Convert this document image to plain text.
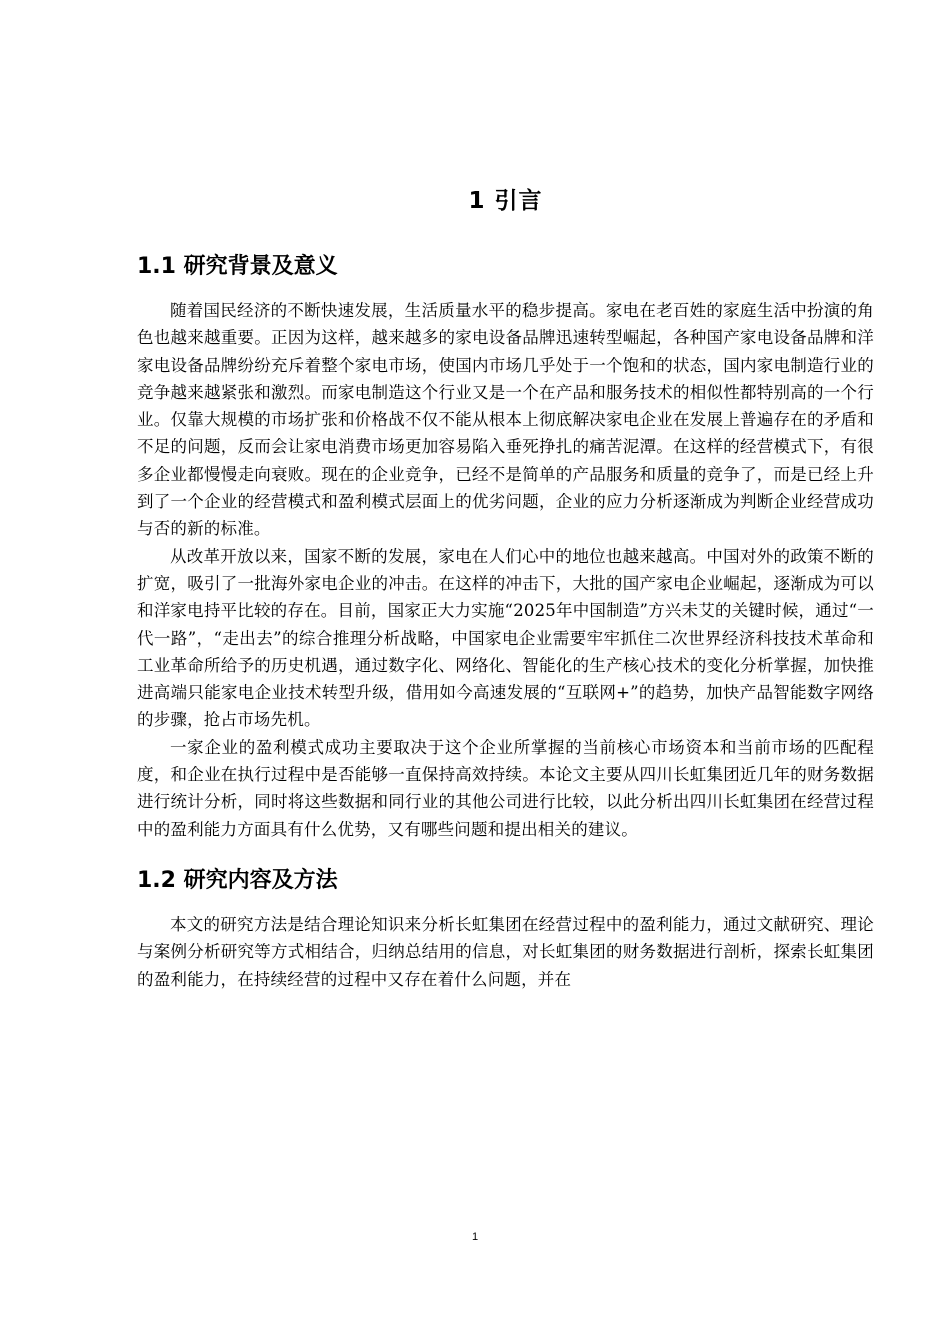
1 引言
1.1 研究背景及意义

随着国民经济的不断快速发展，生活质量水平的稳步提高。家电在老百姓的家庭生活中扮演的角色也越来越重要。正因为这样，越来越多的家电设备品牌迅速转型崛起，各种国产家电设备品牌和洋家电设备品牌纷纷充斥着整个家电市场，使国内市场几乎处于一个饱和的状态，国内家电制造行业的竞争越来越紧张和激烈。而家电制造这个行业又是一个在产品和服务技术的相似性都特别高的一个行业。仅靠大规模的市场扩张和价格战不仅不能从根本上彻底解决家电企业在发展上普遍存在的矛盾和不足的问题，反而会让家电消费市场更加容易陷入垂死挣扎的痛苦泥潭。在这样的经营模式下，有很多企业都慢慢走向衰败。现在的企业竞争，已经不是简单的产品服务和质量的竞争了，而是已经上升到了一个企业的经营模式和盈利模式层面上的优劣问题，企业的应力分析逐渐成为判断企业经营成功与否的新的标准。

从改革开放以来，国家不断的发展，家电在人们心中的地位也越来越高。中国对外的政策不断的扩宽，吸引了一批海外家电企业的冲击。在这样的冲击下，大批的国产家电企业崛起，逐渐成为可以和洋家电持平比较的存在。目前，国家正大力实施“2025年中国制造”方兴未艾的关键时候，通过“一代一路”，“走出去”的综合推理分析战略，中国家电企业需要牢牢抓住二次世界经济科技技术革命和工业革命所给予的历史机遇，通过数字化、网络化、智能化的生产核心技术的变化分析掌握，加快推进高端只能家电企业技术转型升级，借用如今高速发展的“互联网+”的趋势，加快产品智能数字网络的步骤，抢占市场先机。

一家企业的盈利模式成功主要取决于这个企业所掌握的当前核心市场资本和当前市场的匹配程度，和企业在执行过程中是否能够一直保持高效持续。本论文主要从四川长虹集团近几年的财务数据进行统计分析，同时将这些数据和同行业的其他公司进行比较，以此分析出四川长虹集团在经营过程中的盈利能力方面具有什么优势，又有哪些问题和提出相关的建议。

1.2 研究内容及方法

本文的研究方法是结合理论知识来分析长虹集团在经营过程中的盈利能力，通过文献研究、理论与案例分析研究等方式相结合，归纳总结用的信息，对长虹集团的财务数据进行剖析，探索长虹集团的盈利能力，在持续经营的过程中又存在着什么问题，并在

1
